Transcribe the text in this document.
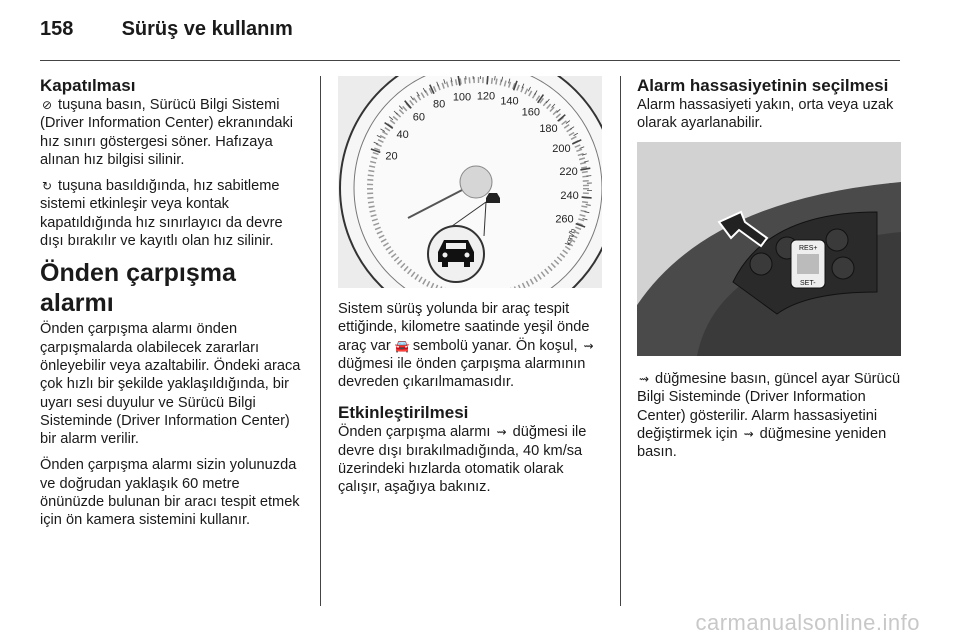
158 Sürüş ve kullanım
Kapatılması

⊘ tuşuna basın, Sürücü Bilgi Sistemi (Driver Information Center) ekranındaki hız sınırı göstergesi söner. Hafızaya alınan hız bilgisi silinir.

↻ tuşuna basıldığında, hız sabitleme sistemi etkinleşir veya kontak kapatıldığında hız sınırlayıcı da devre dışı bırakılır ve kayıtlı olan hız silinir.

Önden çarpışma alarmı

Önden çarpışma alarmı önden çarpışmalarda olabilecek zararları önleyebilir veya azaltabilir. Öndeki araca çok hızlı bir şekilde yaklaşıldığında, bir uyarı sesi duyulur ve Sürücü Bilgi Sisteminde (Driver Information Center) bir alarm verilir.

Önden çarpışma alarmı sizin yolunuzda ve doğrudan yaklaşık 60 metre önünüzde bulunan bir aracı tespit etmek için ön kamera sistemini kullanır.

20
40
60
80
100 120 140
160
180
200
220
240
260
km/h

Sistem sürüş yolunda bir araç tespit ettiğinde, kilometre saatinde yeşil önde araç var 🚘 sembolü yanar. Ön koşul, ⇝ düğmesi ile önden çarpışma alarmının devreden çıkarılmamasıdır.

Etkinleştirilmesi

Önden çarpışma alarmı ⇝ düğmesi ile devre dışı bırakılmadığında, 40 km/sa üzerindeki hızlarda otomatik olarak çalışır, aşağıya bakınız.

Alarm hassasiyetinin seçilmesi

Alarm hassasiyeti yakın, orta veya uzak olarak ayarlanabilir.

RES+
SET-

⇝ düğmesine basın, güncel ayar Sürücü Bilgi Sisteminde (Driver Information Center) gösterilir. Alarm hassasiyetini değiştirmek için ⇝ düğmesine yeniden basın.

carmanualsonline.info
